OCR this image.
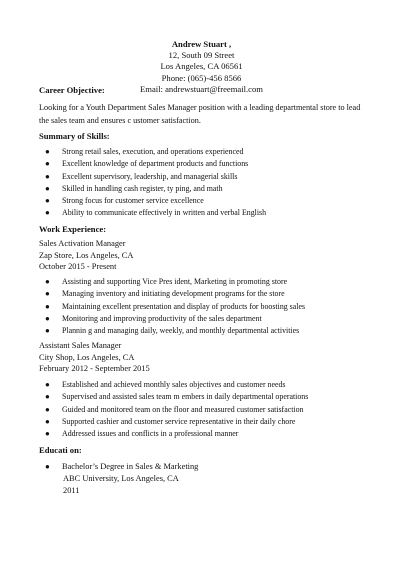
Andrew Stuart ,
12, South 09 Street
Los Angeles, CA 06561
Phone: (065)-456 8566
Email: andrewstuart@freemail.com
Career Objective:
Looking for a Youth Department Sales Manager position with a leading departmental store to lead
the sales team and ensures c ustomer satisfaction.
Summary of Skills:
● Strong retail sales, execution, and operations experienced
● Excellent knowledge of department products and functions
● Excellent supervisory, leadership, and managerial skills
● Skilled in handling cash register, ty ping, and math
● Strong focus for customer service excellence
● Ability to communicate effectively in written and verbal English
Work Experience:
Sales Activation Manager
Zap Store, Los Angeles, CA
October 2015 - Present
● Assisting and supporting Vice Pres ident, Marketing in promoting store
● Managing inventory and initiating development programs for the store
● Maintaining excellent presentation and display of products for boosting sales
● Monitoring and improving productivity of the sales department
● Plannin g and managing daily, weekly, and monthly departmental activities
Assistant Sales Manager
City Shop, Los Angeles, CA
February 2012 - September 2015
● Established and achieved monthly sales objectives and customer needs
● Supervised and assisted sales team m embers in daily departmental operations
● Guided and monitored team on the floor and measured customer satisfaction
● Supported cashier and customer service representative in their daily chore
● Addressed issues and conflicts in a professional manner
Educati on:
● Bachelor’s Degree in Sales & Marketing
ABC University, Los Angeles, CA
2011
